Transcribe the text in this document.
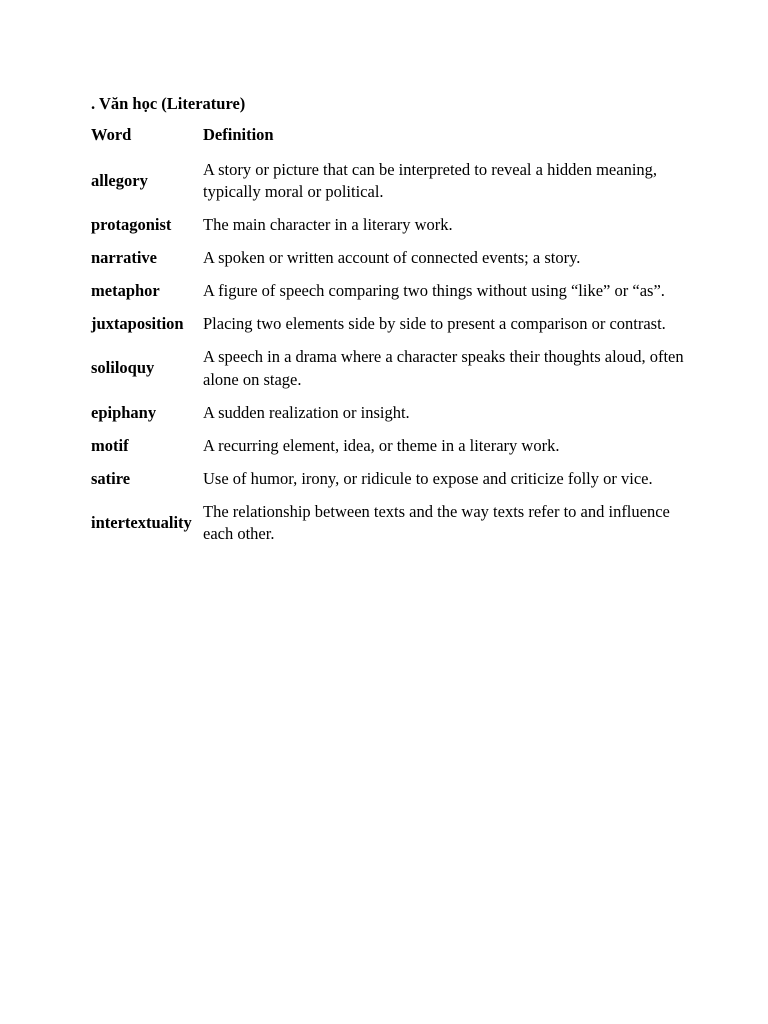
. Văn học (Literature)
Word	Definition
allegory	A story or picture that can be interpreted to reveal a hidden meaning, typically moral or political.
protagonist	The main character in a literary work.
narrative	A spoken or written account of connected events; a story.
metaphor	A figure of speech comparing two things without using “like” or “as”.
juxtaposition	Placing two elements side by side to present a comparison or contrast.
soliloquy	A speech in a drama where a character speaks their thoughts aloud, often alone on stage.
epiphany	A sudden realization or insight.
motif	A recurring element, idea, or theme in a literary work.
satire	Use of humor, irony, or ridicule to expose and criticize folly or vice.
intertextuality	The relationship between texts and the way texts refer to and influence each other.
